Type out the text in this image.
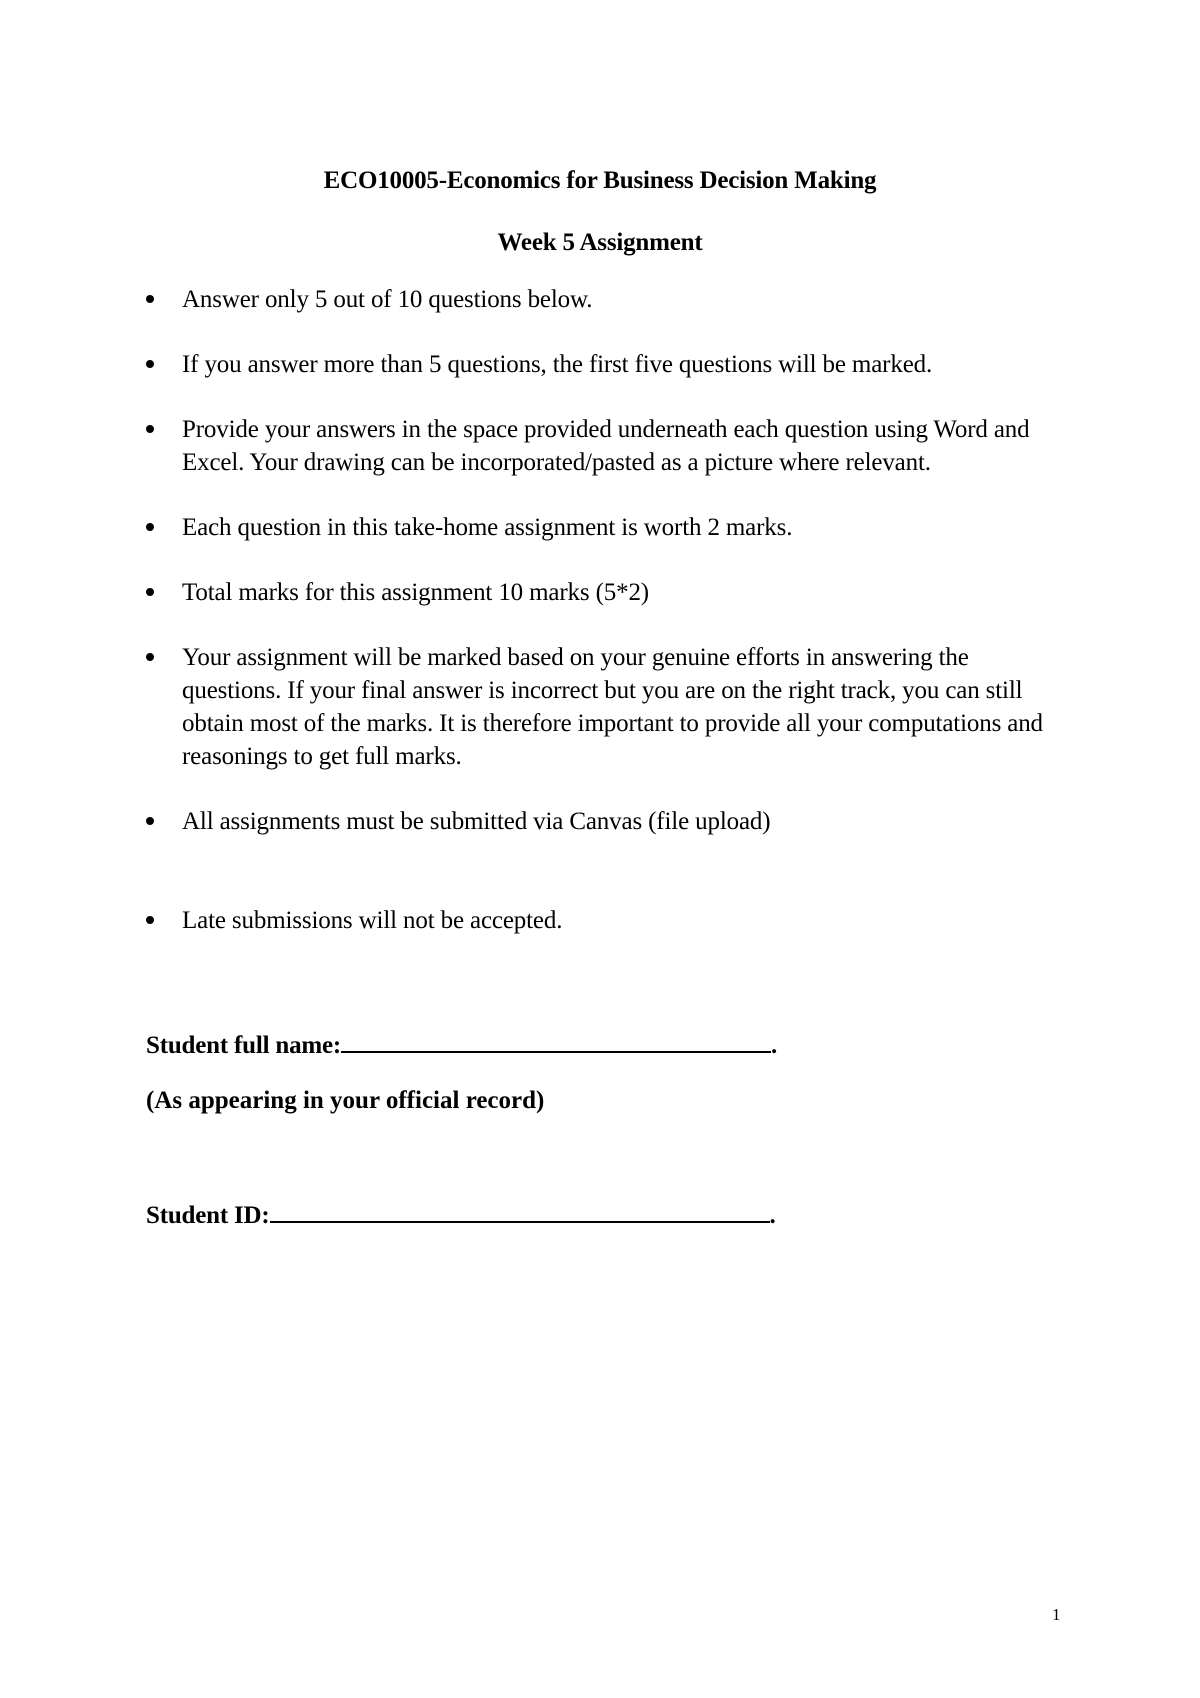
ECO10005-Economics for Business Decision Making
Week 5 Assignment
Answer only 5 out of 10 questions below.
If you answer more than 5 questions, the first five questions will be marked.
Provide your answers in the space provided underneath each question using Word and Excel. Your drawing can be incorporated/pasted as a picture where relevant.
Each question in this take-home assignment is worth 2 marks.
Total marks for this assignment 10 marks (5*2)
Your assignment will be marked based on your genuine efforts in answering the questions. If your final answer is incorrect but you are on the right track, you can still obtain most of the marks. It is therefore important to provide all your computations and reasonings to get full marks.
All assignments must be submitted via Canvas (file upload)
Late submissions will not be accepted.
Student full name:	.
(As appearing in your official record)
Student ID:	.
1
